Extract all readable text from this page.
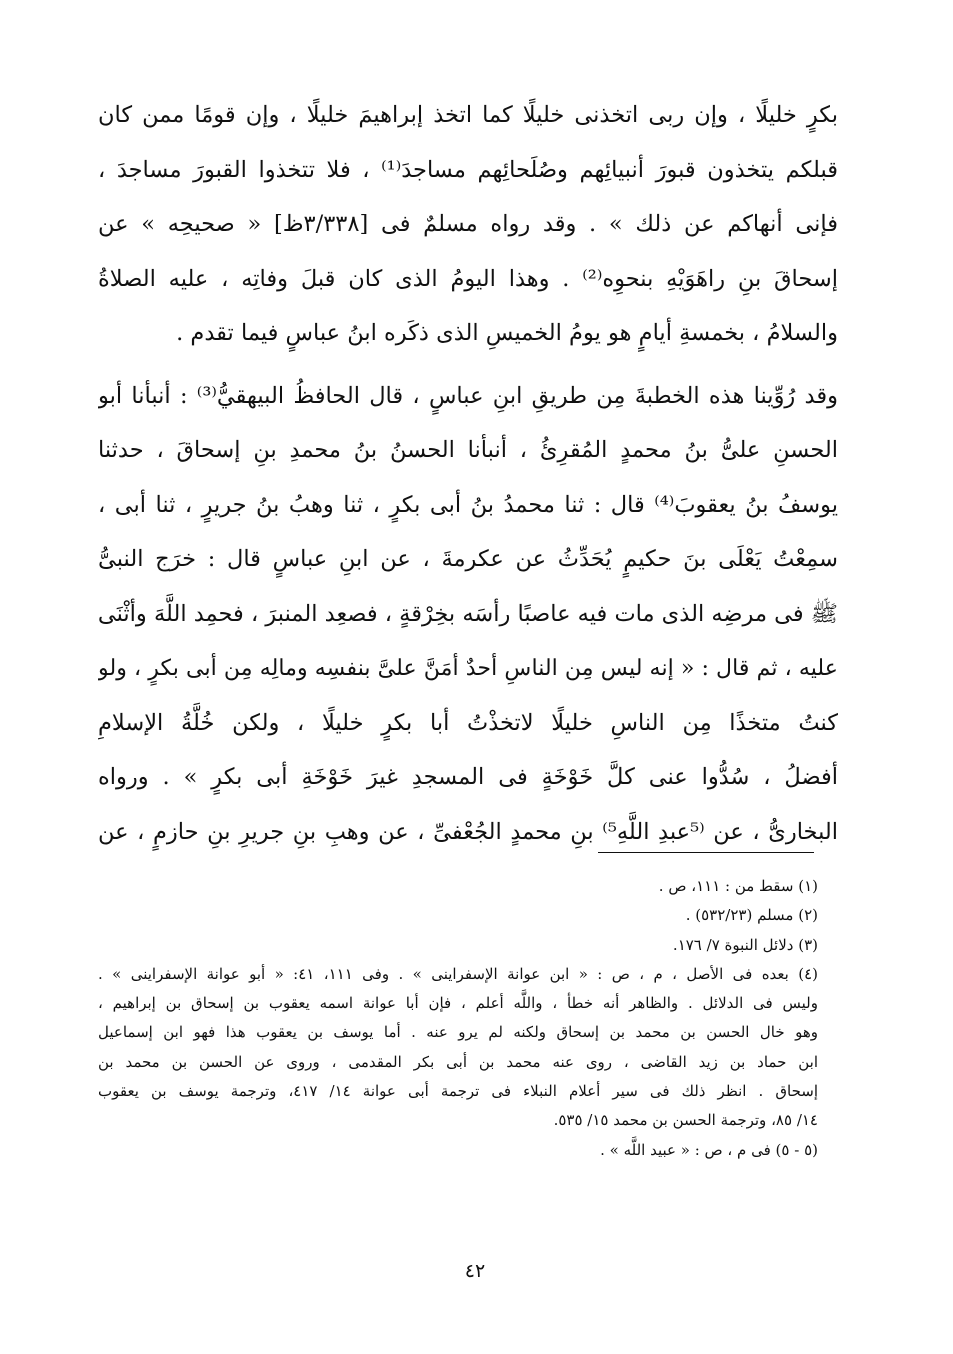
بكرٍ خليلًا ، وإن ربى اتخذنى خليلًا كما اتخذ إبراهيمَ خليلًا ، وإن قومًا ممن كان
قبلكم يتخذون قبورَ أنبيائِهم وصُلَحائِهم مساجدَ⁽¹⁾ ، فلا تتخذوا القبورَ مساجدَ ،
فإنى أنهاكم عن ذلك » . وقد رواه مسلمٌ فى [٣/٣٣٨ظ] « صحيحِه » عن
إسحاقَ بنِ راهَوَيْهِ بنحوِه⁽²⁾ . وهذا اليومُ الذى كان قبلَ وفاتِه ، عليه الصلاةُ
والسلامُ ، بخمسةِ أيامٍ هو يومُ الخميسِ الذى ذكَره ابنُ عباسٍ فيما تقدم .
وقد رُوِّينا هذه الخطبةَ مِن طريقِ ابنِ عباسٍ ، قال الحافظُ البيهقيُّ⁽³⁾ : أنبأنا أبو
الحسنِ علىُّ بنُ محمدٍ المُقرِئُ ، أنبأنا الحسنُ بنُ محمدِ بنِ إسحاقَ ، حدثنا
يوسفُ بنُ يعقوبَ⁽⁴⁾ قال : ثنا محمدُ بنُ أبى بكرٍ ، ثنا وهبُ بنُ جريرٍ ، ثنا أبى ،
سمِعْتُ يَعْلَى بنَ حكيمٍ يُحَدِّثُ عن عكرمةَ ، عن ابنِ عباسٍ قال : خرَج النبىُّ
ﷺ فى مرضِه الذى مات فيه عاصبًا رأسَه بخِرْقةٍ ، فصعِد المنبرَ ، فحمِد اللَّهَ وأثْنَى
عليه ، ثم قال : « إنه ليس مِن الناسِ أحدٌ أمَنَّ علىَّ بنفسِه ومالِه مِن أبى بكرٍ ، ولو
كنتُ متخذًا مِن الناسِ خليلًا لاتخذْتُ أبا بكرٍ خليلًا ، ولكن خُلَّةُ الإسلامِ
أفضلُ ، سُدُّوا عنى كلَّ خَوْخَةٍ فى المسجدِ غيرَ خَوْخَةِ أبى بكرٍ » . ورواه
البخارىُّ ، عن ⁽⁵عبدِ اللَّهِ⁵⁾ بنِ محمدٍ الجُعْفىِّ ، عن وهبِ بنِ جريرِ بنِ حازمٍ ، عن
(١) سقط من : ١١١، ص .
(٢) مسلم (٥٣٢/٢٣) .
(٣) دلائل النبوة ٧/ ١٧٦.
(٤) بعده فى الأصل ، م ، ص : « ابن عوانة الإسفراينى » . وفى ١١١، ٤١: « أبو عوانة الإسفراينى » .
وليس فى الدلائل . والظاهر أنه خطأ ، واللَّه أعلم ، فإن أبا عوانة اسمه يعقوب بن إسحاق بن إبراهيم ،
وهو خال الحسن بن محمد بن إسحاق ولكنه لم يرو عنه . أما يوسف بن يعقوب هذا فهو ابن إسماعيل
ابن حماد بن زيد القاضى ، روى عنه محمد بن أبى بكر المقدمى ، وروى عن الحسن بن محمد بن
إسحاق . انظر ذلك فى سير أعلام النبلاء فى ترجمة أبى عوانة ١٤/ ٤١٧، وترجمة يوسف بن يعقوب
١٤/ ٨٥، وترجمة الحسن بن محمد ١٥/ ٥٣٥.
(٥ - ٥) فى م ، ص : « عبيد اللَّه » .
٤٢
